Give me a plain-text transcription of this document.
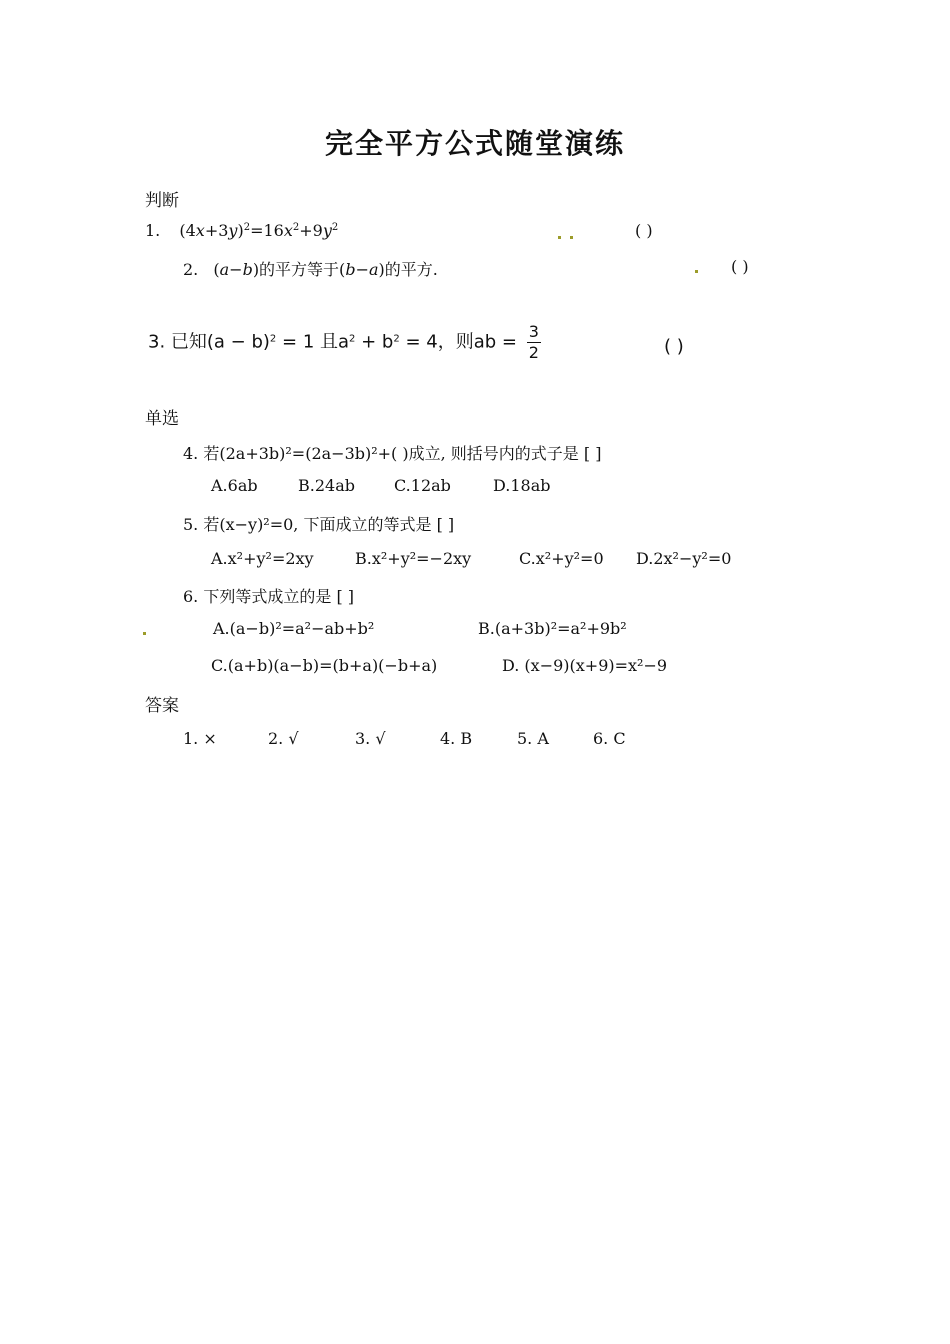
完全平方公式随堂演练
判断
1. $(4x+3y)^2=16x^2+9y^2$	( )
2. (a−b)的平方等于(b−a)的平方.	( )
3. 已知$(a - b)^2 = 1$ 且$a^2 + b^2 = 4$，则ab = $\frac{3}{2}$	( )
单选
4. 若(2a+3b)²=(2a−3b)²+( )成立, 则括号内的式子是 [ ]
A.6ab	B.24ab C.12ab	D.18ab
5. 若(x−y)²=0, 下面成立的等式是 [ ]
A.x²+y²=2xy	B.x²+y²=−2xy	C.x²+y²=0 D.2x²−y²=0
6. 下列等式成立的是 [ ]
A.(a−b)²=a²−ab+b²	B.(a+3b)²=a²+9b²
C.(a+b)(a−b)=(b+a)(−b+a)	D. (x−9)(x+9)=x²−9
答案
1. ×	2. √	3. √	4. B	5. A	6. C
